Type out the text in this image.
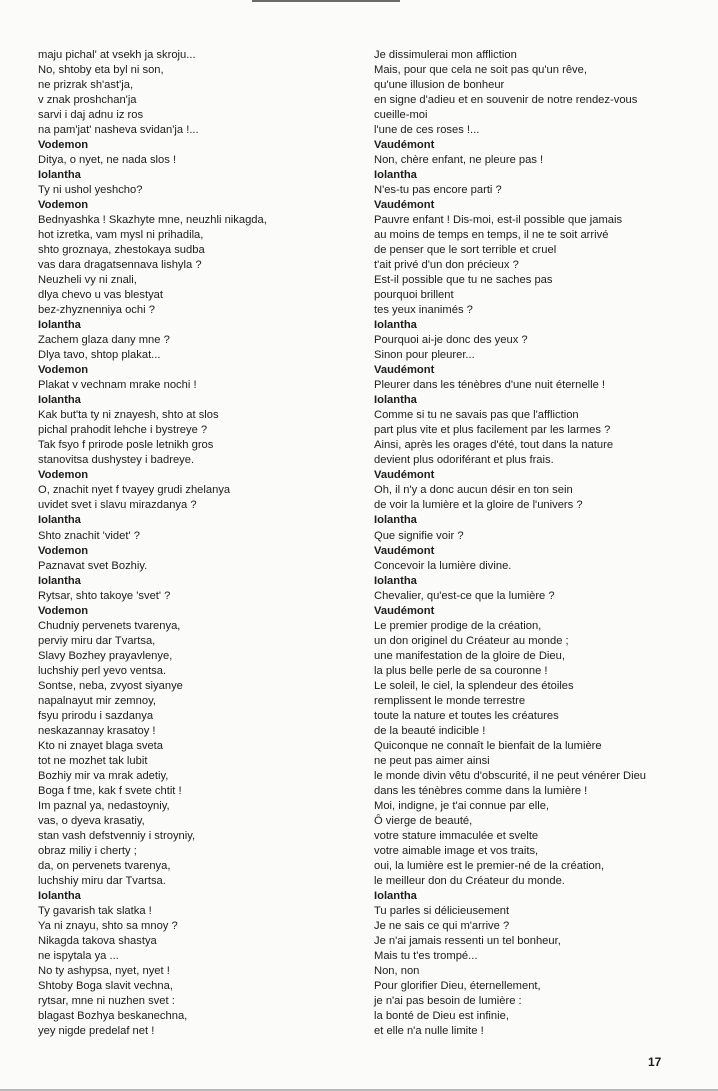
maju pichal' at vsekh ja skroju...
No, shtoby eta byl ni son,
ne prizrak sh'ast'ja,
v znak proshchan'ja
sarvi i daj adnu iz ros
na pam'jat' nasheva svidan'ja !...
Vodemon
Ditya, o nyet, ne nada slos !
Iolantha
Ty ni ushol yeshcho?
Vodemon
Bednyashka ! Skazhyte mne, neuzhli nikagda,
hot izretka, vam mysl ni prihadila,
shto groznaya, zhestokaya sudba
vas dara dragatsennava lishyla ?
Neuzheli vy ni znali,
dlya chevo u vas blestyat
bez-zhyznenniya ochi ?
Iolantha
Zachem glaza dany mne ?
Dlya tavo, shtop plakat...
Vodemon
Plakat v vechnam mrake nochi !
Iolantha
Kak but'ta ty ni znayesh, shto at slos
pichal prahodit lehche i bystreye ?
Tak fsyo f prirode posle letnikh gros
stanovitsa dushystey i badreye.
Vodemon
O, znachit nyet f tvayey grudi zhelanya
uvidet svet i slavu mirazdanya ?
Iolantha
Shto znachit 'videt' ?
Vodemon
Paznavat svet Bozhiy.
Iolantha
Rytsar, shto takoye 'svet' ?
Vodemon
Chudniy pervenets tvarenya,
perviy miru dar Tvartsa,
Slavy Bozhey prayavlenye,
luchshiy perl yevo ventsa.
Sontse, neba, zvyost siyanye
napalnayut mir zemnoy,
fsyu prirodu i sazdanya
neskazannay krasatoy !
Kto ni znayet blaga sveta
tot ne mozhet tak lubit
Bozhiy mir va mrak adetiy,
Boga f tme, kak f svete chtit !
Im paznal ya, nedastoyniy,
vas, o dyeva krasatiy,
stan vash defstvenniy i stroyniy,
obraz miliy i cherty ;
da, on pervenets tvarenya,
luchshiy miru dar Tvartsa.
Iolantha
Ty gavarish tak slatka !
Ya ni znayu, shto sa mnoy ?
Nikagda takova shastya
ne ispytala ya ...
No ty ashypsa, nyet, nyet !
Shtoby Boga slavit vechna,
rytsar, mne ni nuzhen svet :
blagast Bozhya beskanechna,
yey nigde predelaf net !
Je dissimulerai mon affliction
Mais, pour que cela ne soit pas qu'un rêve,
qu'une illusion de bonheur
en signe d'adieu et en souvenir de notre rendez-vous
cueille-moi
l'une de ces roses !...
Vaudémont
Non, chère enfant, ne pleure pas !
Iolantha
N'es-tu pas encore parti ?
Vaudémont
Pauvre enfant ! Dis-moi, est-il possible que jamais
au moins de temps en temps, il ne te soit arrivé
de penser que le sort terrible et cruel
t'ait privé d'un don précieux ?
Est-il possible que tu ne saches pas
pourquoi brillent
tes yeux inanimés ?
Iolantha
Pourquoi ai-je donc des yeux ?
Sinon pour pleurer...
Vaudémont
Pleurer dans les ténèbres d'une nuit éternelle !
Iolantha
Comme si tu ne savais pas que l'affliction
part plus vite et plus facilement par les larmes ?
Ainsi, après les orages d'été, tout dans la nature
devient plus odoriférant et plus frais.
Vaudémont
Oh, il n'y a donc aucun désir en ton sein
de voir la lumière et la gloire de l'univers ?
Iolantha
Que signifie voir ?
Vaudémont
Concevoir la lumière divine.
Iolantha
Chevalier, qu'est-ce que la lumière ?
Vaudémont
Le premier prodige de la création,
un don originel du Créateur au monde ;
une manifestation de la gloire de Dieu,
la plus belle perle de sa couronne !
Le soleil, le ciel, la splendeur des étoiles
remplissent le monde terrestre
toute la nature et toutes les créatures
de la beauté indicible !
Quiconque ne connaît le bienfait de la lumière
ne peut pas aimer ainsi
le monde divin vêtu d'obscurité, il ne peut vénérer Dieu
dans les ténèbres comme dans la lumière !
Moi, indigne, je t'ai connue par elle,
Ô vierge de beauté,
votre stature immaculée et svelte
votre aimable image et vos traits,
oui, la lumière est le premier-né de la création,
le meilleur don du Créateur du monde.
Iolantha
Tu parles si délicieusement
Je ne sais ce qui m'arrive ?
Je n'ai jamais ressenti un tel bonheur,
Mais tu t'es trompé...
Non, non
Pour glorifier Dieu, éternellement,
je n'ai pas besoin de lumière :
la bonté de Dieu est infinie,
et elle n'a nulle limite !
17
